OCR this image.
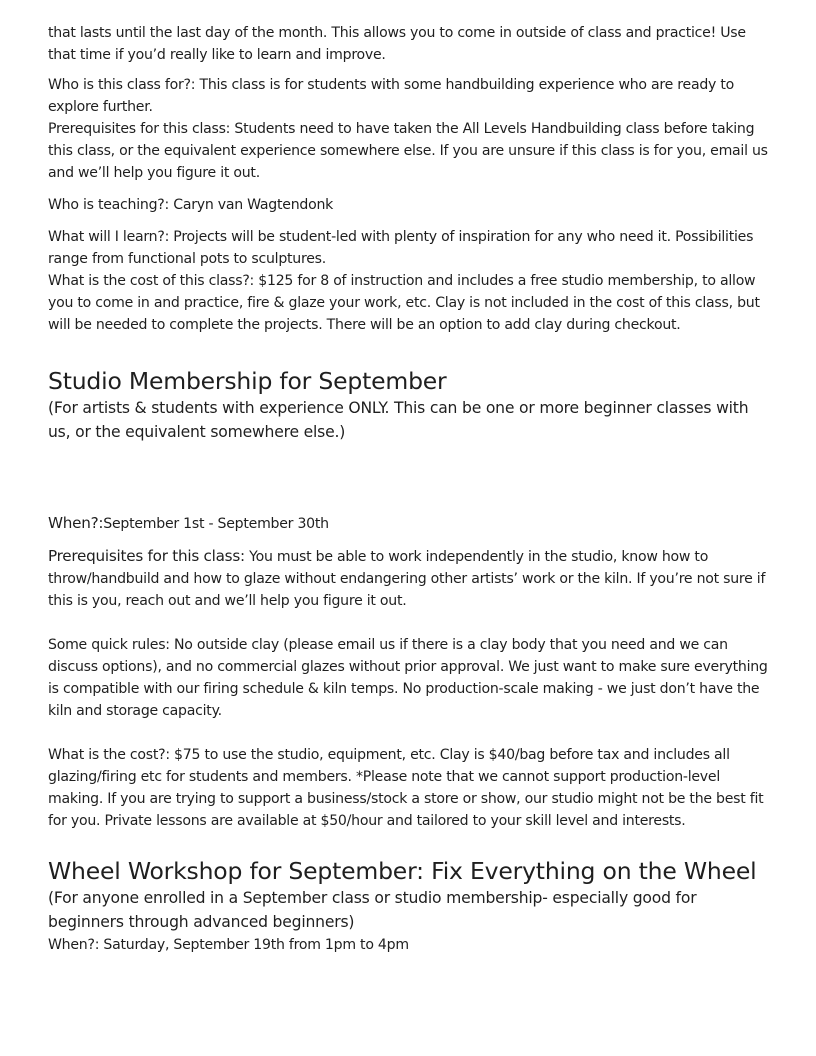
that lasts until the last day of the month. This allows you to come in outside of class and practice! Use that time if you’d really like to learn and improve.

Who is this class for?: This class is for students with some handbuilding experience who are ready to explore further.

Prerequisites for this class: Students need to have taken the All Levels Handbuilding class before taking this class, or the equivalent experience somewhere else. If you are unsure if this class is for you, email us and we’ll help you figure it out.

Who is teaching?: Caryn van Wagtendonk

What will I learn?: Projects will be student-led with plenty of inspiration for any who need it. Possibilities range from functional pots to sculptures.

What is the cost of this class?: $125 for 8 of instruction and includes a free studio membership, to allow you to come in and practice, fire & glaze your work, etc. Clay is not included in the cost of this class, but will be needed to complete the projects. There will be an option to add clay during checkout.

Studio Membership for September

(For artists & students with experience ONLY. This can be one or more beginner classes with us, or the equivalent somewhere else.)

When?:September 1st - September 30th

Prerequisites for this class: You must be able to work independently in the studio, know how to throw/handbuild and how to glaze without endangering other artists’ work or the kiln. If you’re not sure if this is you, reach out and we’ll help you figure it out.

Some quick rules: No outside clay (please email us if there is a clay body that you need and we can discuss options), and no commercial glazes without prior approval. We just want to make sure everything is compatible with our firing schedule & kiln temps. No production-scale making - we just don’t have the kiln and storage capacity.

What is the cost?: $75 to use the studio, equipment, etc. Clay is $40/bag before tax and includes all glazing/firing etc for students and members. *Please note that we cannot support production-level making. If you are trying to support a business/stock a store or show, our studio might not be the best fit for you. Private lessons are available at $50/hour and tailored to your skill level and interests.

Wheel Workshop for September: Fix Everything on the Wheel

(For anyone enrolled in a September class or studio membership- especially good for beginners through advanced beginners)

When?: Saturday, September 19th from 1pm to 4pm
